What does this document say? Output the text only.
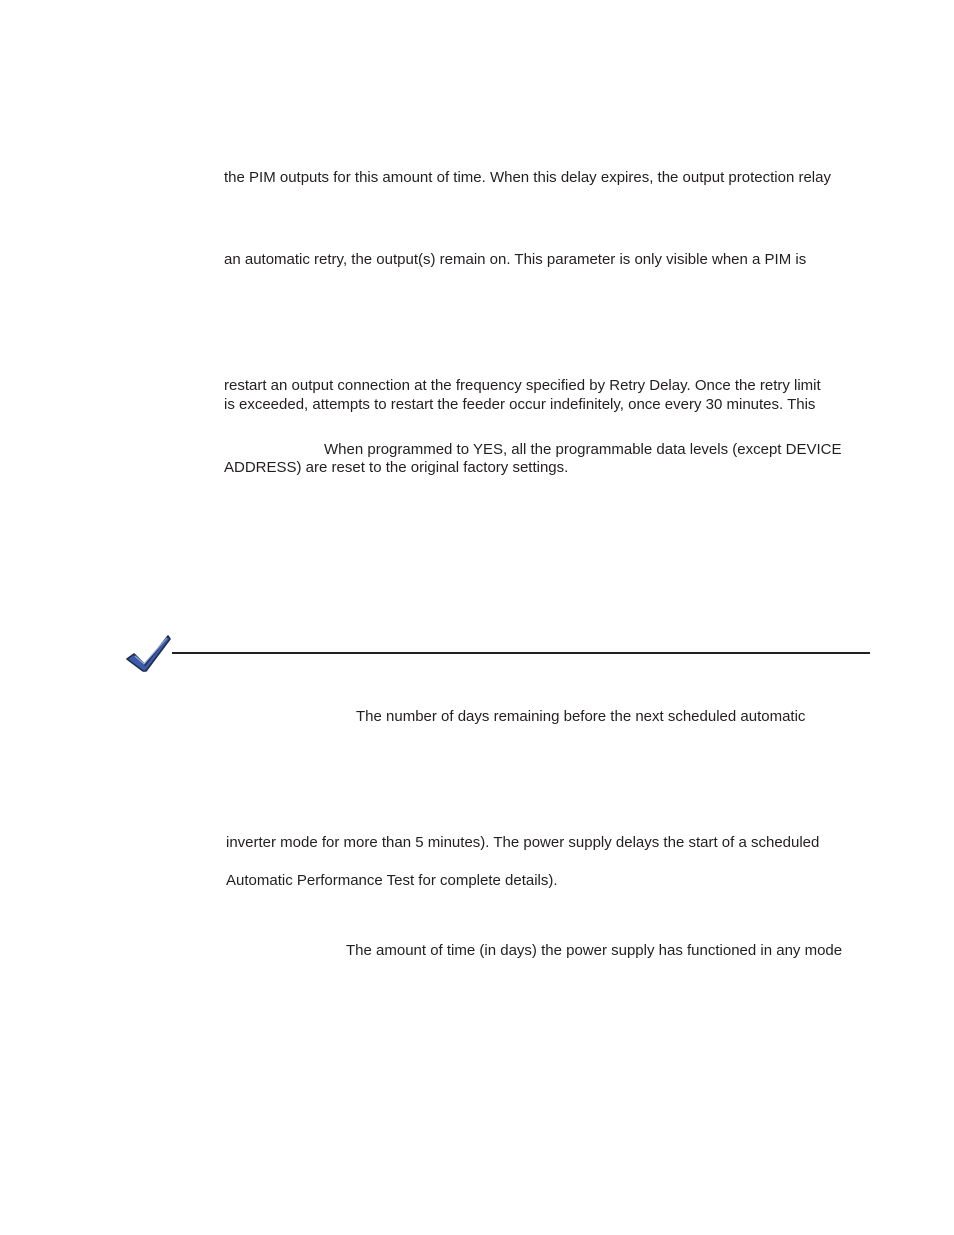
the PIM outputs for this amount of time. When this delay expires, the output protection relay
an automatic retry, the output(s) remain on. This parameter is only visible when a PIM is
restart an output connection at the frequency specified by Retry Delay. Once the retry limit
is exceeded, attempts to restart the feeder occur indefinitely, once every 30 minutes. This
When programmed to YES, all the programmable data levels (except DEVICE
ADDRESS) are reset to the original factory settings.
The number of days remaining before the next scheduled automatic
inverter mode for more than 5 minutes). The power supply delays the start of a scheduled
Automatic Performance Test for complete details).
The amount of time (in days) the power supply has functioned in any mode
